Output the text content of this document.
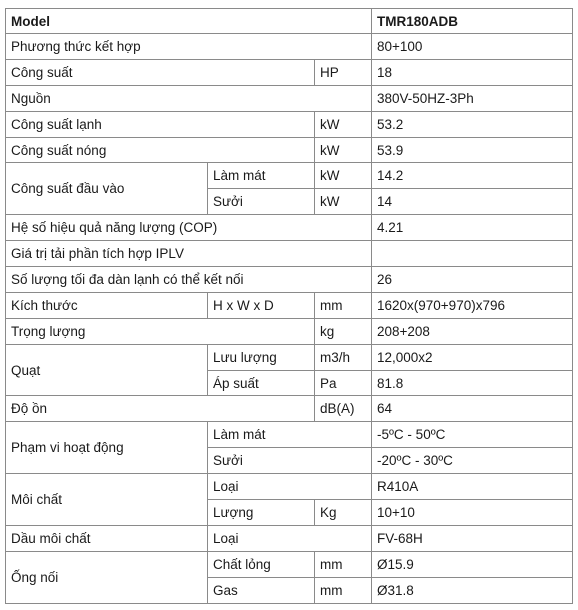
Model			TMR180ADB
Phương thức kết hợp			80+100
Công suất		HP	18
Nguồn			380V-50HZ-3Ph
Công suất lạnh		kW	53.2
Công suất nóng		kW	53.9
Công suất đầu vào	Làm mát	kW	14.2
	Sưởi	kW	14
Hệ số hiệu quả năng lượng (COP)			4.21
Giá trị tải phần tích hợp IPLV			
Số lượng tối đa dàn lạnh có thể kết nối			26
Kích thước	H x W x D	mm	1620x(970+970)x796
Trọng lượng		kg	208+208
Quạt	Lưu lượng	m3/h	12,000x2
	Áp suất	Pa	81.8
Độ ồn		dB(A)	64
Phạm vi hoạt động	Làm mát		-5ºC - 50ºC
	Sưởi		-20ºC - 30ºC
Môi chất	Loại		R410A
	Lượng	Kg	10+10
Dầu môi chất	Loại		FV-68H
Ống nối	Chất lỏng	mm	Ø15.9
	Gas	mm	Ø31.8
